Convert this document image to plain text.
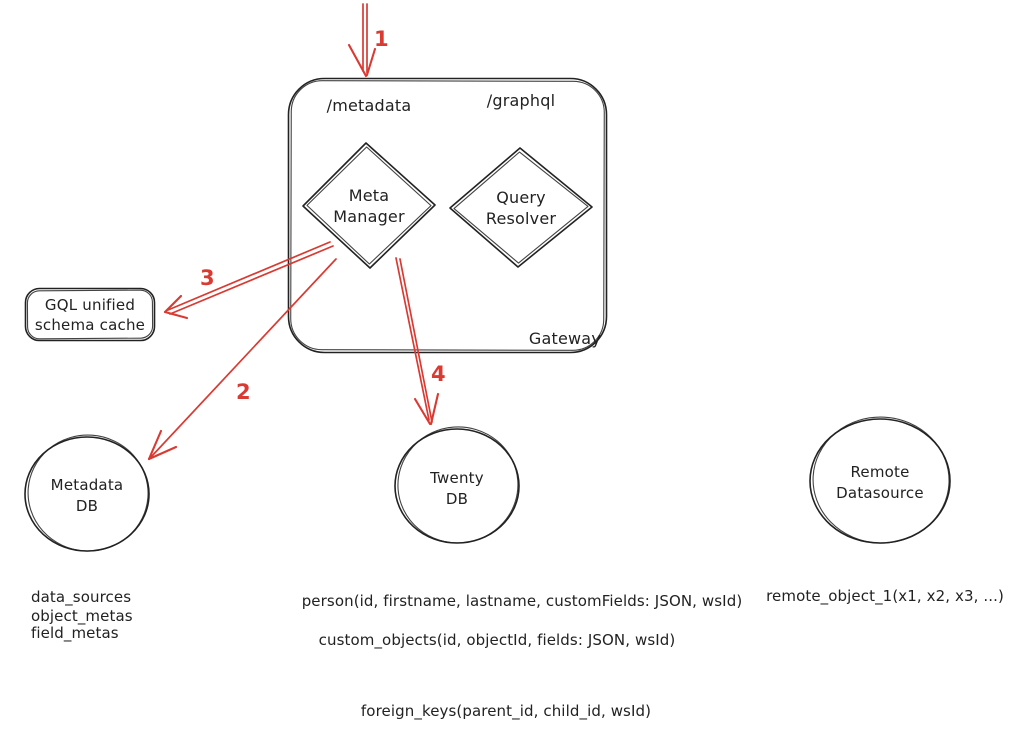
Gateway
/metadata	/graphql
Meta
Manager
Query
Resolver
GQL unified
schema cache
Metadata
DB
Twenty
DB
Remote
Datasource
1
3
2
4
data_sources
object_metas
field_metas
person(id, firstname, lastname, customFields: JSON, wsId)
custom_objects(id, objectId, fields: JSON, wsId)
foreign_keys(parent_id, child_id, wsId)
remote_object_1(x1, x2, x3, ...)
